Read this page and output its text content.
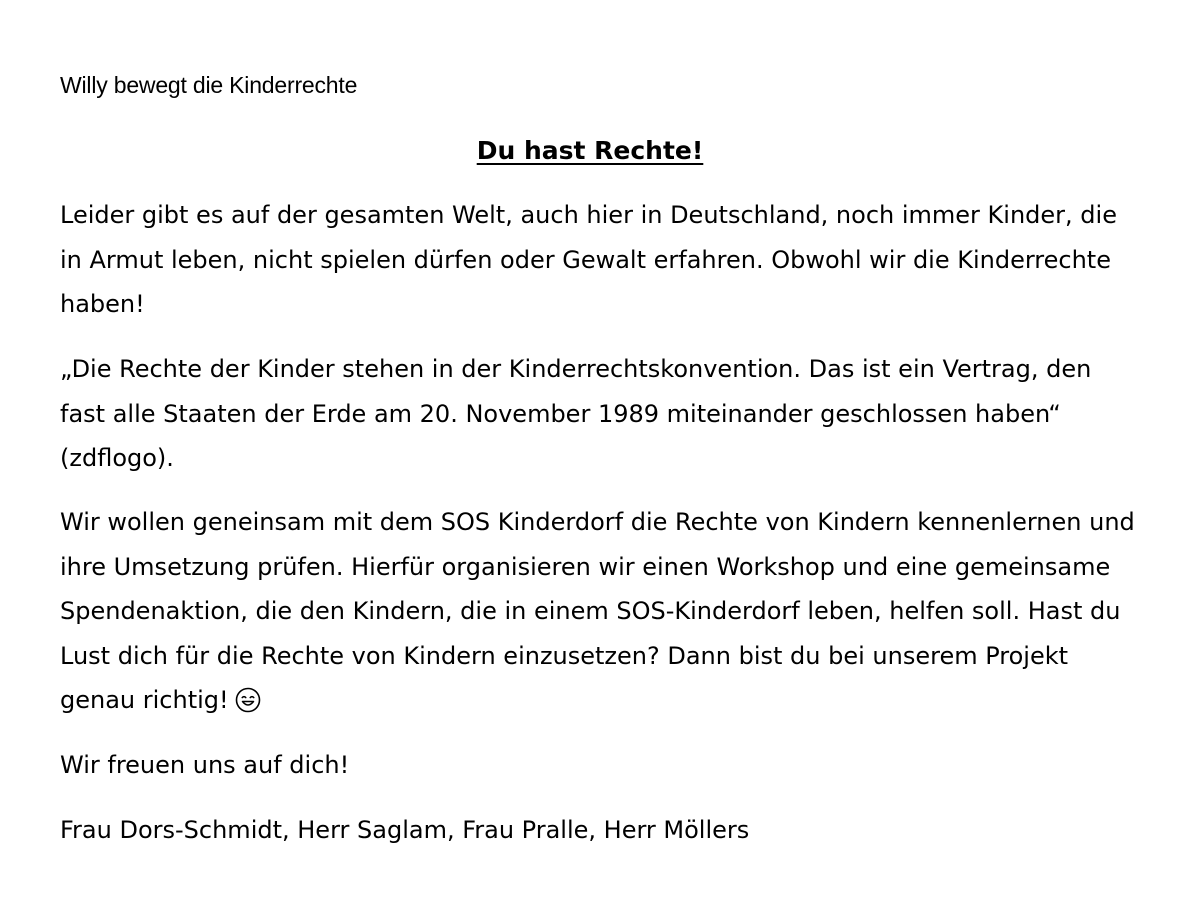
Willy bewegt die Kinderrechte
Du hast Rechte!
Leider gibt es auf der gesamten Welt, auch hier in Deutschland, noch immer Kinder, die
in Armut leben, nicht spielen dürfen oder Gewalt erfahren. Obwohl wir die Kinderrechte
haben!
„Die Rechte der Kinder stehen in der Kinderrechtskonvention. Das ist ein Vertrag, den
fast alle Staaten der Erde am 20. November 1989 miteinander geschlossen haben“
(zdflogo).
Wir wollen geneinsam mit dem SOS Kinderdorf die Rechte von Kindern kennenlernen und
ihre Umsetzung prüfen. Hierfür organisieren wir einen Workshop und eine gemeinsame
Spendenaktion, die den Kindern, die in einem SOS-Kinderdorf leben, helfen soll. Hast du
Lust dich für die Rechte von Kindern einzusetzen? Dann bist du bei unserem Projekt
genau richtig!
Wir freuen uns auf dich!
Frau Dors-Schmidt, Herr Saglam, Frau Pralle, Herr Möllers
